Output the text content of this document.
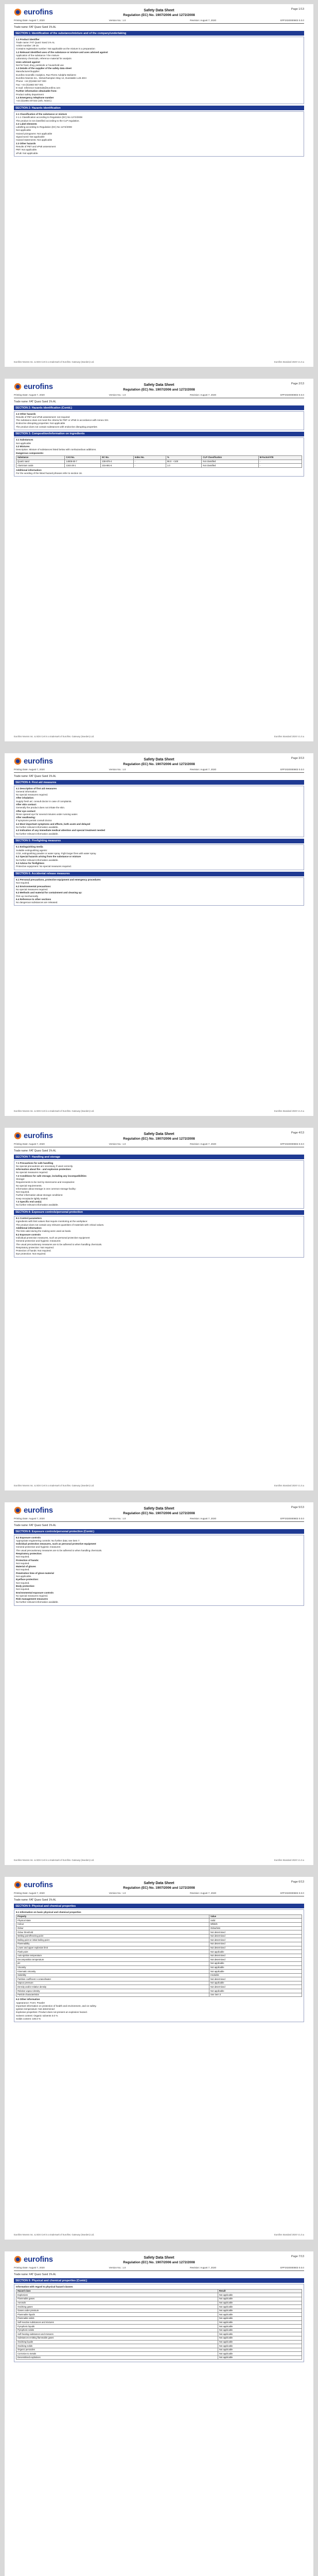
eurofins	Safety Data Sheet
Regulation (EC) No. 1907/2006 and 1272/2008
Page 1/13
Printing Date: August 7, 2020	Version No.: 1.0	Revision: August 7, 2020	EPF2020000803 0.0.0
Trade name: FAT Quarz Sand 1% AL
SECTION 1: Identification of the substance/mixture and of the company/undertaking
1.1 Product identifier
Trade name: FAT Quarz Sand 1% AL
Article number: 26-15
Contains registration number: Not applicable as the mixture is a preparation
1.2 Relevant identified uses of the substance or mixture and uses advised against
Application of the substance / the mixture
Laboratory chemicals, reference material for analysis
Uses advised against
Not for food, drug, pesticide or household use
1.3 Details of the supplier of the safety data sheet
Manufacturer/Supplier:
Eurofins Scientific Analytics, Rue Pierre Adolphe Bobierre
Eurofins Nsenss Inc., Wolverhampton Way 12, Dunstable LU5 4DH
Phone: +44 (0)1582 847 000
Fax: +44 (0)1582 847 001
E-mail: reference-materials@eurofins.com
Further information obtainable from:
Product safety department
1.4 Emergency telephone number
+44 (0)1865 407333 (24h, NCEC)
SECTION 2: Hazards identification
2.1 Classification of the substance or mixture
2.1.1 Classification according to Regulation (EC) No 1272/2008
The product is not classified according to the CLP regulation.
2.2 Label elements
Labelling according to Regulation (EC) No 1272/2008
Not applicable
Hazard pictograms: Not applicable
Signal word: Not applicable
Hazard statements: Not applicable
2.3 Other hazards
Results of PBT and vPvB assessment
PBT: Not applicable.
vPvB: Not applicable.
Eurofins Nsenss Inc. & SDS Cert is a trademark of Eurofins. Gateway (Sweden) Ltd.	Eurofins Standard 2020 V.1.0.a
eurofins	Safety Data Sheet
Regulation (EC) No. 1907/2006 and 1272/2008
Page 2/13
Printing Date: August 7, 2020	Version No.: 1.0	Revision: August 7, 2020	EPF2020000803 0.0.0
Trade name: FAT Quarz Sand 1% AL
SECTION 2: Hazards identification (Contd.)
2.3 Other hazards
Results of PBT and vPvB assessment: not required
The substance does not meet the criteria for PBT or vPvB in accordance with Annex XIII.
Endocrine disrupting properties: Not applicable
The product does not contain substances with endocrine disrupting properties
SECTION 3: Composition/information on ingredients
3.1 Substances
Not applicable
3.2 Mixtures
Description: Mixture of substances listed below with nonhazardous additions.
Dangerous components:
Substance	CAS No.	EC No.	Index No.	%	CLP Classification	M-Factor/ATE
Quartz sand	14808-60-7	238-878-4	-	98.0 - <100	Not classified	-
Aluminium oxide	1344-28-1	215-691-6	-	1.0	Not classified	-
Additional information:
For the wording of the listed hazard phrases refer to section 16.
Eurofins Nsenss Inc. & SDS Cert is a trademark of Eurofins. Gateway (Sweden) Ltd.	Eurofins Standard 2020 V.1.0.a
eurofins	Safety Data Sheet
Regulation (EC) No. 1907/2006 and 1272/2008
Page 3/13
Printing Date: August 7, 2020	Version No.: 1.0	Revision: August 7, 2020	EPF2020000803 0.0.0
Trade name: FAT Quarz Sand 1% AL
SECTION 4: First aid measures
4.1 Description of first aid measures
General information:
No special measures required.
After inhalation:
Supply fresh air; consult doctor in case of complaints.
After skin contact:
Generally the product does not irritate the skin.
After eye contact:
Rinse opened eye for several minutes under running water.
After swallowing:
If symptoms persist consult doctor.
4.2 Most important symptoms and effects, both acute and delayed
No further relevant information available.
4.3 Indication of any immediate medical attention and special treatment needed
No further relevant information available.
SECTION 5: Firefighting measures
5.1 Extinguishing media
Suitable extinguishing agents:
CO2, extinguishing powder or water spray. Fight larger fires with water spray.
5.2 Special hazards arising from the substance or mixture
No further relevant information available.
5.3 Advice for firefighters
Protective equipment: No special measures required.
SECTION 6: Accidental release measures
6.1 Personal precautions, protective equipment and emergency procedures
Not required.
6.2 Environmental precautions:
No special measures required.
6.3 Methods and material for containment and cleaning up:
Pick up mechanically.
6.4 Reference to other sections
No dangerous substances are released.
Eurofins Nsenss Inc. & SDS Cert is a trademark of Eurofins. Gateway (Sweden) Ltd.	Eurofins Standard 2020 V.1.0.a
eurofins	Safety Data Sheet
Regulation (EC) No. 1907/2006 and 1272/2008
Page 4/13
Printing Date: August 7, 2020	Version No.: 1.0	Revision: August 7, 2020	EPF2020000803 0.0.0
Trade name: FAT Quarz Sand 1% AL
SECTION 7: Handling and storage
7.1 Precautions for safe handling
No special precautions are necessary if used correctly.
Information about fire - and explosion protection:
No special measures required.
7.2 Conditions for safe storage, including any incompatibilities
Storage:
Requirements to be met by storerooms and receptacles:
No special requirements.
Information about storage in one common storage facility:
Not required.
Further information about storage conditions:
Keep receptacle tightly sealed.
7.3 Specific end use(s)
No further relevant information available.
SECTION 8: Exposure controls/personal protection
8.1 Control parameters
Ingredients with limit values that require monitoring at the workplace:
The product does not contain any relevant quantities of materials with critical values.
Additional information:
The lists valid during the making were used as basis.
8.2 Exposure controls
Individual protection measures, such as personal protective equipment
General protective and hygienic measures:
The usual precautionary measures are to be adhered to when handling chemicals.
Respiratory protection: Not required.
Protection of hands: Not required.
Eye protection: Not required.
Eurofins Nsenss Inc. & SDS Cert is a trademark of Eurofins. Gateway (Sweden) Ltd.	Eurofins Standard 2020 V.1.0.a
eurofins	Safety Data Sheet
Regulation (EC) No. 1907/2006 and 1272/2008
Page 5/13
Printing Date: August 7, 2020	Version No.: 1.0	Revision: August 7, 2020	EPF2020000803 0.0.0
Trade name: FAT Quarz Sand 1% AL
SECTION 8: Exposure controls/personal protection (Contd.)
8.2 Exposure controls
Appropriate engineering controls: No further data; see item 7.
Individual protection measures, such as personal protective equipment
General protective and hygienic measures:
The usual precautionary measures are to be adhered to when handling chemicals.
Respiratory protection:
Not required.
Protection of hands:
Not required.
Material of gloves
Not required.
Penetration time of glove material
Not applicable.
Eye/face protection:
Not required.
Body protection:
Not required.
Environmental exposure controls
No special measures required.
Risk management measures
No further relevant information available.
Eurofins Nsenss Inc. & SDS Cert is a trademark of Eurofins. Gateway (Sweden) Ltd.	Eurofins Standard 2020 V.1.0.a
eurofins	Safety Data Sheet
Regulation (EC) No. 1907/2006 and 1272/2008
Page 6/13
Printing Date: August 7, 2020	Version No.: 1.0	Revision: August 7, 2020	EPF2020000803 0.0.0
Trade name: FAT Quarz Sand 1% AL
SECTION 9: Physical and chemical properties
9.1 Information on basic physical and chemical properties
Property	Value
Physical state	Solid
Colour	Whitish
Odour	Odourless
Odour threshold	Not determined
Melting point/freezing point	Not determined
Boiling point or initial boiling point	Not determined
Flammability	Not determined
Lower and upper explosion limit	Not determined
Flash point	Not applicable
Auto-ignition temperature	Not determined
Decomposition temperature	Not determined
pH	Not applicable
Viscosity	Not applicable
Kinematic viscosity	Not applicable
Solubility	Insoluble
Partition coefficient n-octanol/water	Not determined
Vapour pressure	Not applicable
Density and/or relative density	Not determined
Relative vapour density	Not applicable
Particle characteristics	See item 3
9.2 Other information
Appearance: Form: Powder
Important information on protection of health and environment, and on safety.
Ignition temperature: Not determined
Explosive properties: Product does not present an explosion hazard.
Solvent content: Organic solvents 0.0 %
Solids content: 100.0 %
Eurofins Nsenss Inc. & SDS Cert is a trademark of Eurofins. Gateway (Sweden) Ltd.	Eurofins Standard 2020 V.1.0.a
eurofins	Safety Data Sheet
Regulation (EC) No. 1907/2006 and 1272/2008
Page 7/13
Printing Date: August 7, 2020	Version No.: 1.0	Revision: August 7, 2020	EPF2020000803 0.0.0
Trade name: FAT Quarz Sand 1% AL
SECTION 9: Physical and chemical properties (Contd.)
Information with regard to physical hazard classes
Hazard class	Result
Explosives	Not applicable
Flammable gases	Not applicable
Aerosols	Not applicable
Oxidising gases	Not applicable
Gases under pressure	Not applicable
Flammable liquids	Not applicable
Flammable solids	Not applicable
Self-reactive substances and mixtures	Not applicable
Pyrophoric liquids	Not applicable
Pyrophoric solids	Not applicable
Self-heating substances and mixtures	Not applicable
Substances emitting flammable gases	Not applicable
Oxidising liquids	Not applicable
Oxidising solids	Not applicable
Organic peroxides	Not applicable
Corrosive to metals	Not applicable
Desensitised explosives	Not applicable
